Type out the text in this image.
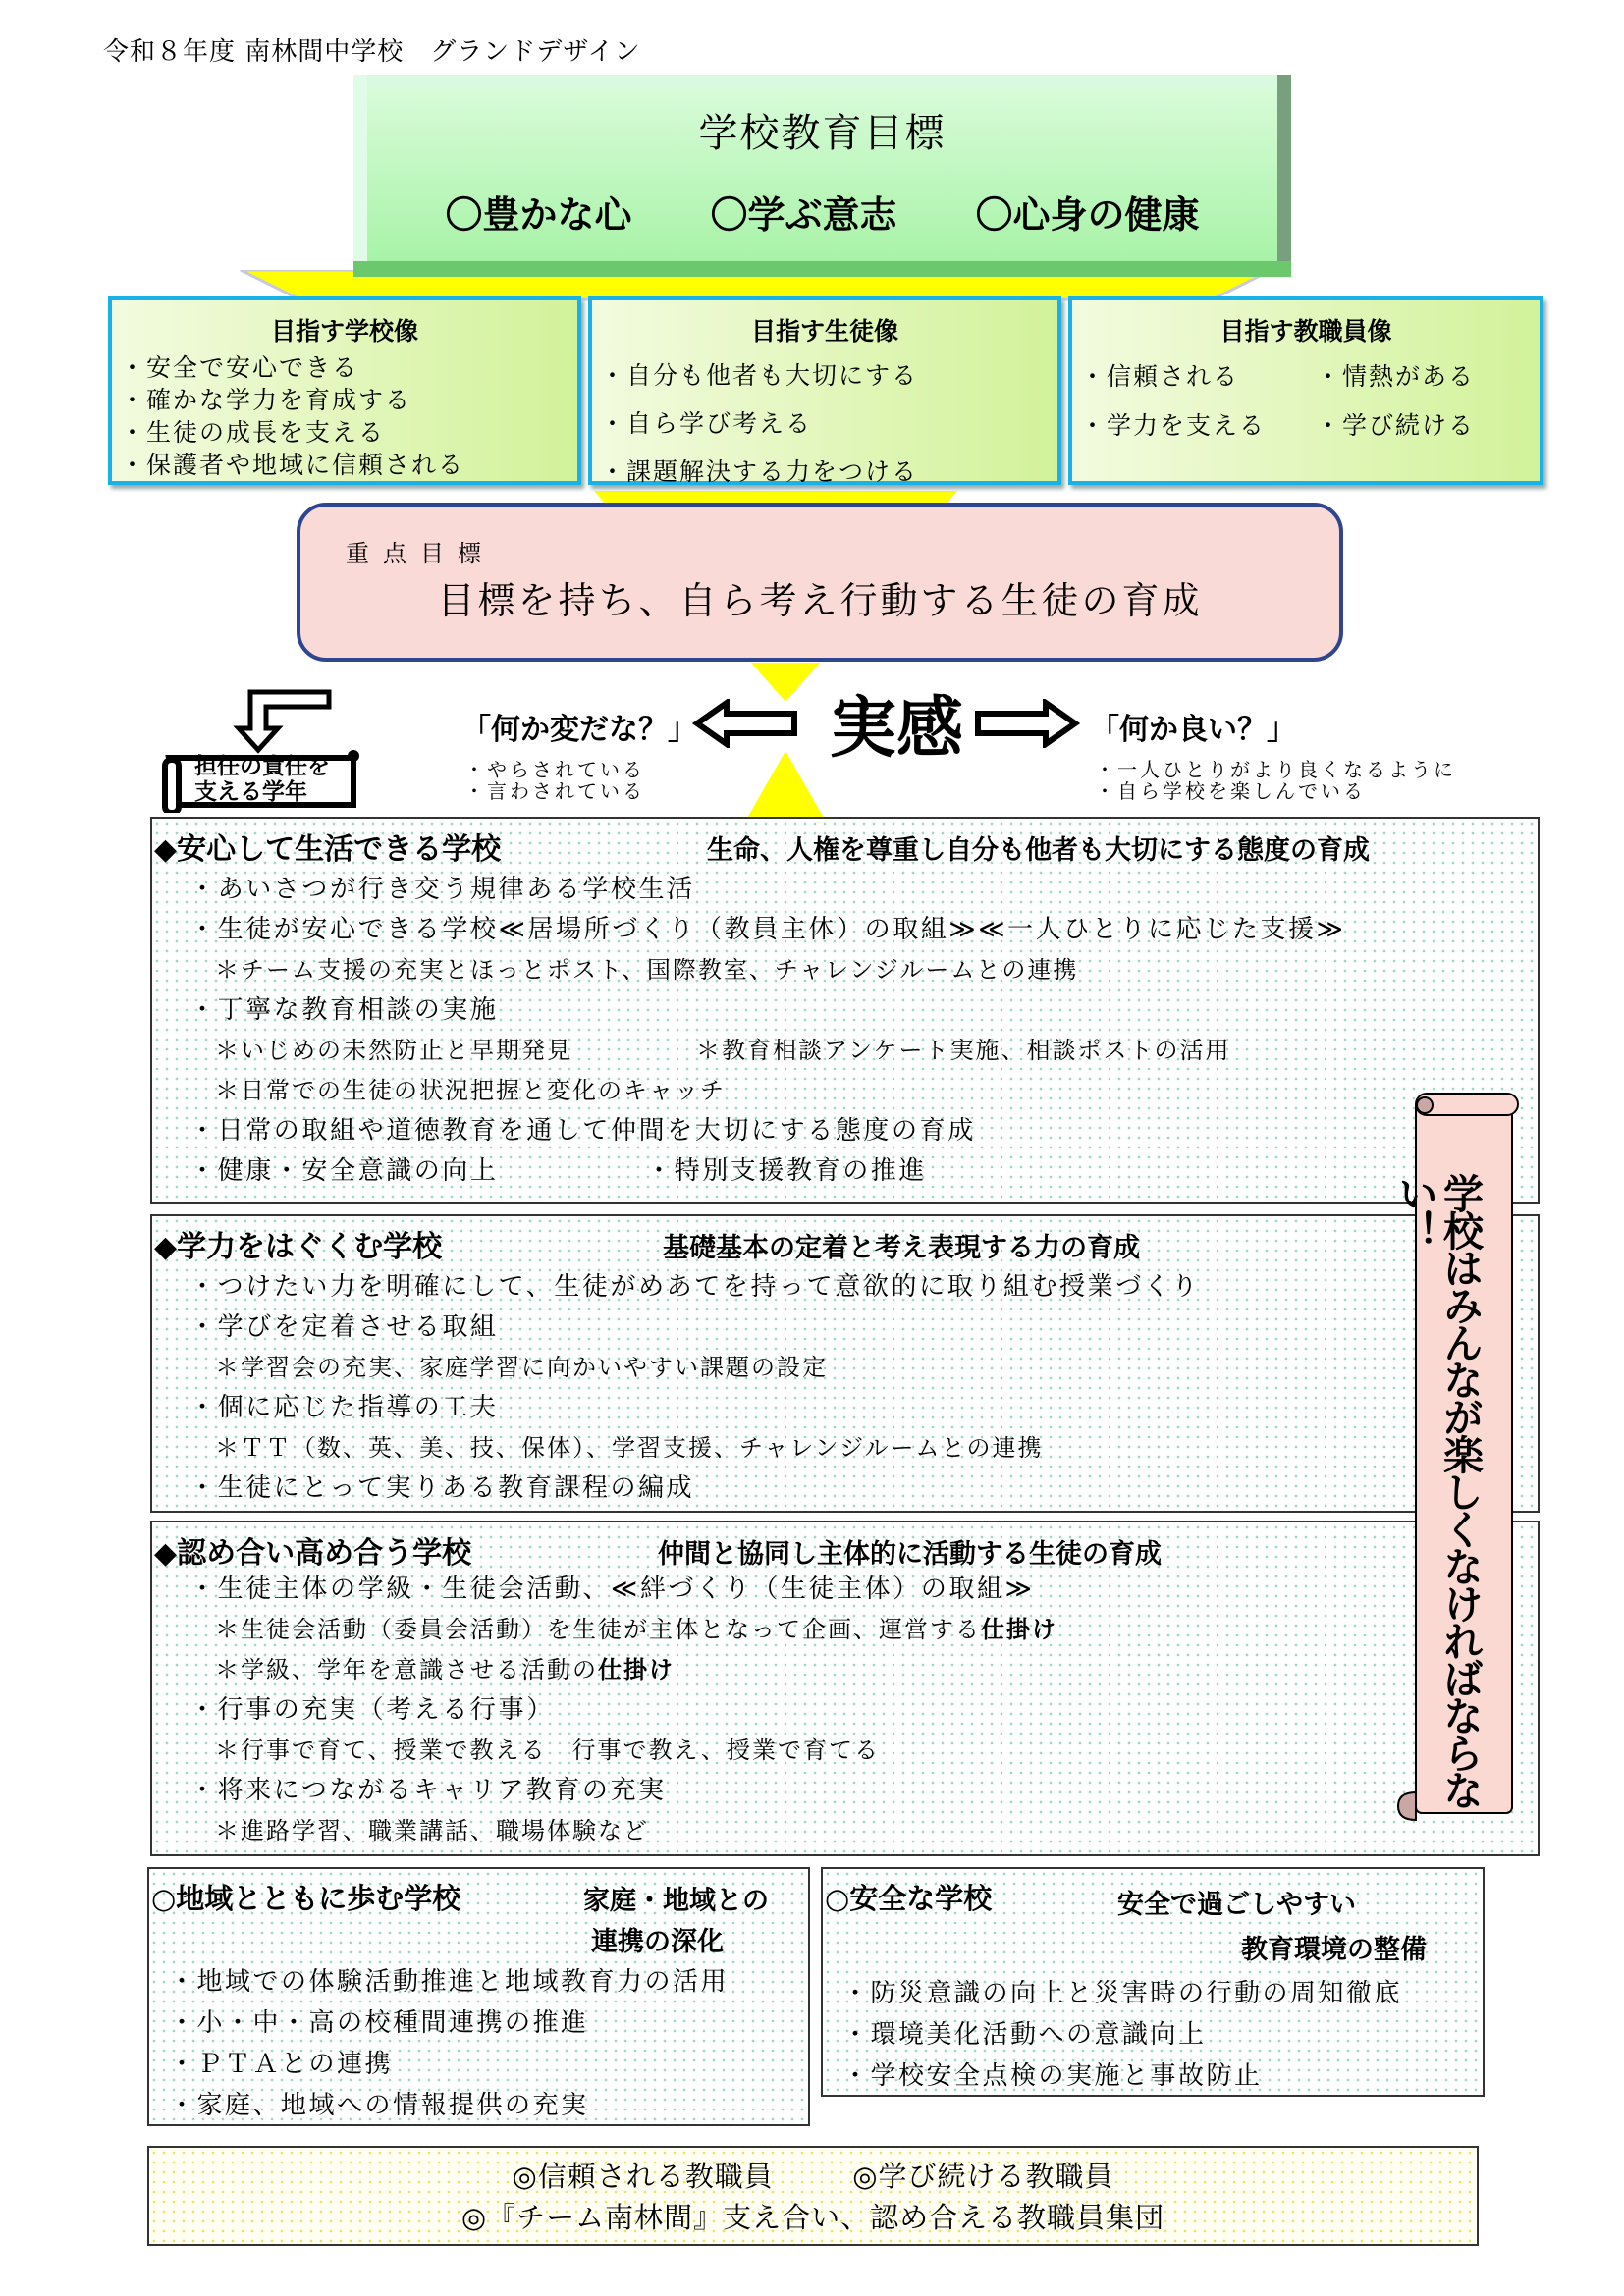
令和８年度 南林間中学校　グランドデザイン
学校教育目標
〇豊かな心 〇学ぶ意志 〇心身の健康
目指す学校像
・安全で安心できる
・確かな学力を育成する
・生徒の成長を支える
・保護者や地域に信頼される
目指す生徒像
・自分も他者も大切にする
・自ら学び考える
・課題解決する力をつける
目指す教職員像
・信頼される	・情熱がある
・学力を支える	・学び続ける
重点目標
目標を持ち、自ら考え行動する生徒の育成
「何か変だな？」 実感	「何か良い？」
・やらされている
・言わされている
・一人ひとりがより良くなるように
・自ら学校を楽しんでいる
担任の責任を
支える学年
◆安心して生活できる学校	生命、人権を尊重し自分も他者も大切にする態度の育成
・あいさつが行き交う規律ある学校生活
・生徒が安心できる学校≪居場所づくり（教員主体）の取組≫≪一人ひとりに応じた支援≫
＊チーム支援の充実とほっとポスト、国際教室、チャレンジルームとの連携
・丁寧な教育相談の実施
＊いじめの未然防止と早期発見	＊教育相談アンケート実施、相談ポストの活用
＊日常での生徒の状況把握と変化のキャッチ
・日常の取組や道徳教育を通して仲間を大切にする態度の育成
・健康・安全意識の向上	・特別支援教育の推進
◆学力をはぐくむ学校	基礎基本の定着と考え表現する力の育成
・つけたい力を明確にして、生徒がめあてを持って意欲的に取り組む授業づくり
・学びを定着させる取組
＊学習会の充実、家庭学習に向かいやすい課題の設定
・個に応じた指導の工夫
＊ＴＴ（数、英、美、技、保体）、学習支援、チャレンジルームとの連携
・生徒にとって実りある教育課程の編成
◆認め合い高め合う学校	仲間と協同し主体的に活動する生徒の育成
・生徒主体の学級・生徒会活動、≪絆づくり（生徒主体）の取組≫
＊生徒会活動（委員会活動）を生徒が主体となって企画、運営する仕掛け
＊学級、学年を意識させる活動の仕掛け
・行事の充実（考える行事）
＊行事で育て、授業で教える　行事で教え、授業で育てる
・将来につながるキャリア教育の充実
＊進路学習、職業講話、職場体験など
学校はみんなが楽しくなければならない！
○地域とともに歩む学校	家庭・地域との
連携の深化
・地域での体験活動推進と地域教育力の活用
・小・中・高の校種間連携の推進
・ＰＴＡとの連携
・家庭、地域への情報提供の充実
○安全な学校	安全で過ごしやすい
教育環境の整備
・防災意識の向上と災害時の行動の周知徹底
・環境美化活動への意識向上
・学校安全点検の実施と事故防止
◎信頼される教職員	◎学び続ける教職員
◎『チーム南林間』支え合い、認め合える教職員集団
